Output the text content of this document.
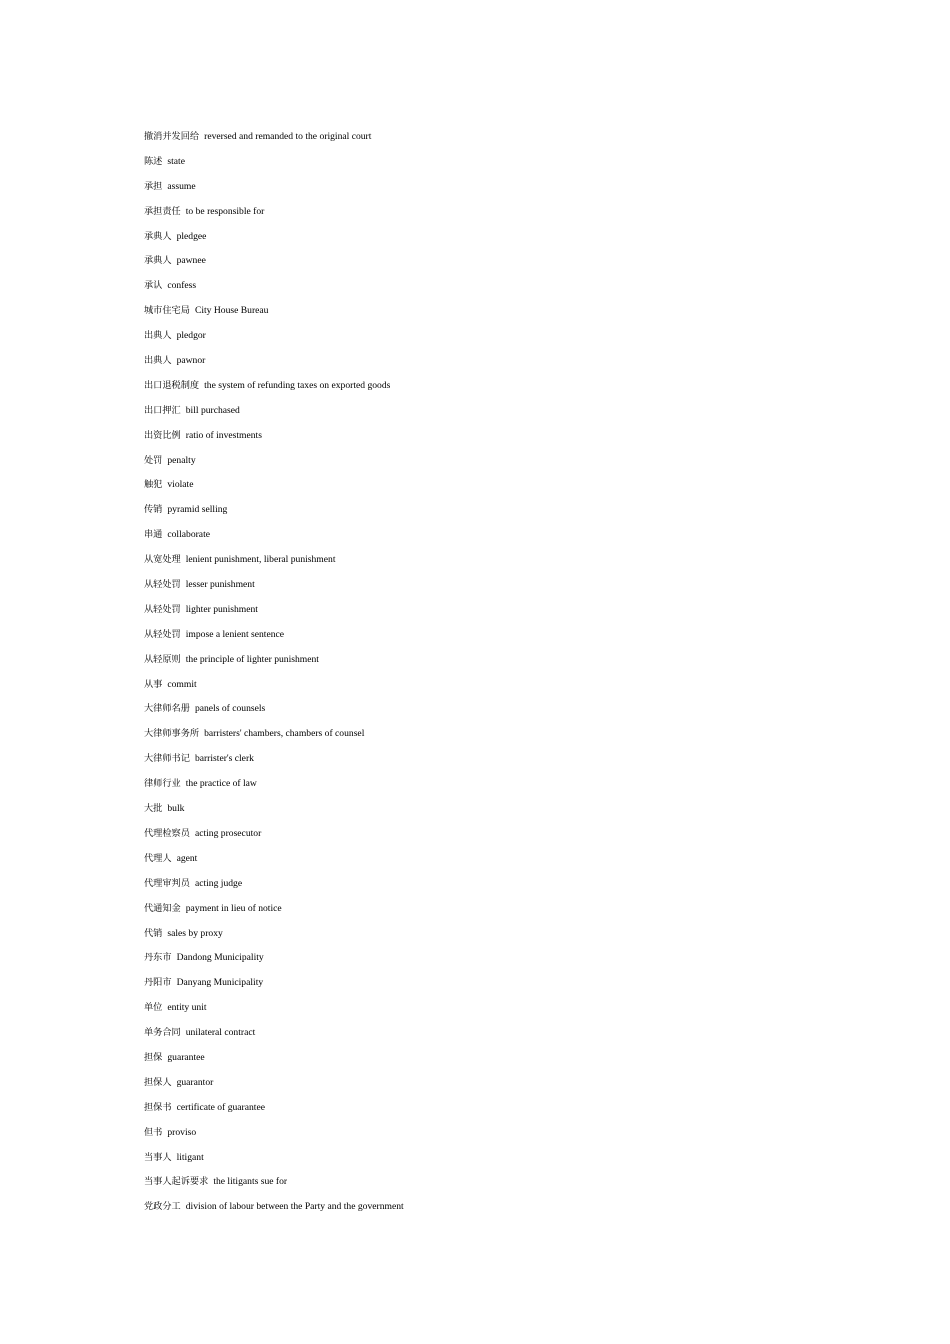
撤消并发回给 reversed and remanded to the original court
陈述 state
承担 assume
承担责任 to be responsible for
承典人 pledgee
承典人 pawnee
承认 confess
城市住宅局 City House Bureau
出典人 pledgor
出典人 pawnor
出口退税制度 the system of refunding taxes on exported goods
出口押汇 bill purchased
出资比例 ratio of investments
处罚 penalty
触犯 violate
传销 pyramid selling
串通 collaborate
从宽处理 lenient punishment, liberal punishment
从轻处罚 lesser punishment
从轻处罚 lighter punishment
从轻处罚 impose a lenient sentence
从轻原则 the principle of lighter punishment
从事 commit
大律师名册 panels of counsels
大律师事务所 barristers' chambers, chambers of counsel
大律师书记 barrister's clerk
律师行业 the practice of law
大批 bulk
代理检察员 acting prosecutor
代理人 agent
代理审判员 acting judge
代通知金 payment in lieu of notice
代销 sales by proxy
丹东市 Dandong Municipality
丹阳市 Danyang Municipality
单位 entity unit
单务合同 unilateral contract
担保 guarantee
担保人 guarantor
担保书 certificate of guarantee
但书 proviso
当事人 litigant
当事人起诉要求 the litigants sue for
党政分工 division of labour between the Party and the government
